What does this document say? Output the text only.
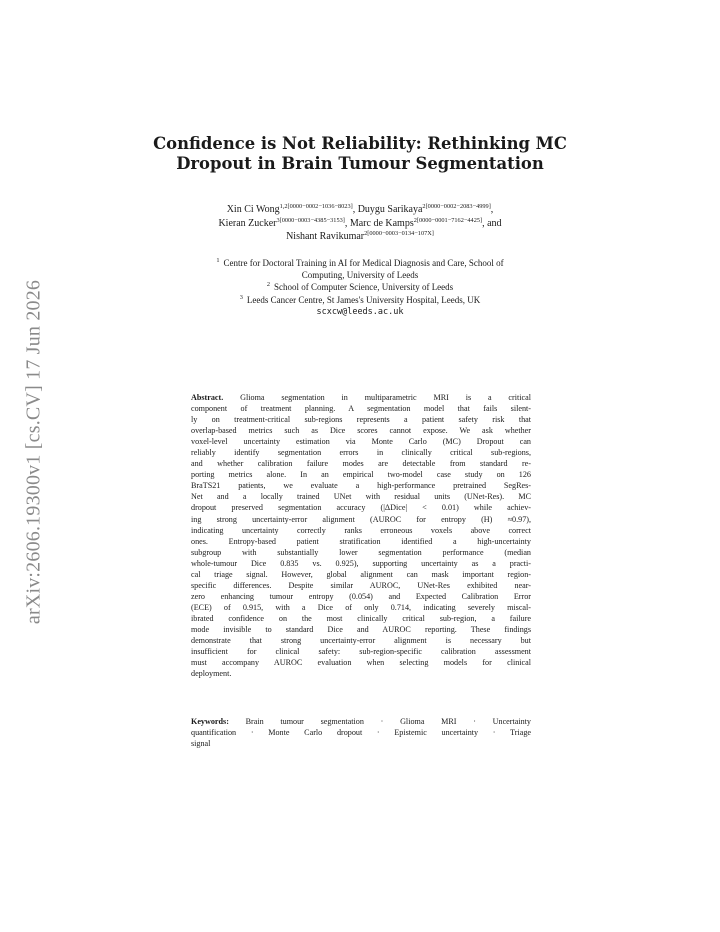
arXiv:2606.19300v1 [cs.CV] 17 Jun 2026
Confidence is Not Reliability: Rethinking MC
Dropout in Brain Tumour Segmentation
Xin Ci Wong$^{1,2[0000-0002-1036-8023]}$, Duygu Sarikaya$^{2[0000-0002-2083-4999]}$,
Kieran Zucker$^{3[0000-0003-4385-3153]}$, Marc de Kamps$^{2[0000-0001-7162-4425]}$, and
Nishant Ravikumar$^{2[0000-0003-0134-107X]}$
$^1$ Centre for Doctoral Training in AI for Medical Diagnosis and Care, School of
Computing, University of Leeds
$^2$ School of Computer Science, University of Leeds
$^3$ Leeds Cancer Centre, St James's University Hospital, Leeds, UK
scxcw@leeds.ac.uk
Abstract. Glioma segmentation in multiparametric MRI is a critical
component of treatment planning. A segmentation model that fails silent-
ly on treatment-critical sub-regions represents a patient safety risk that
overlap-based metrics such as Dice scores cannot expose. We ask whether
voxel-level uncertainty estimation via Monte Carlo (MC) Dropout can
reliably identify segmentation errors in clinically critical sub-regions,
and whether calibration failure modes are detectable from standard re-
porting metrics alone. In an empirical two-model case study on 126
BraTS21 patients, we evaluate a high-performance pretrained SegRes-
Net and a locally trained UNet with residual units (UNet-Res). MC
dropout preserved segmentation accuracy (|ΔDice| < 0.01) while achiev-
ing strong uncertainty-error alignment (AUROC for entropy (H) ≈0.97),
indicating uncertainty correctly ranks erroneous voxels above correct
ones. Entropy-based patient stratification identified a high-uncertainty
subgroup with substantially lower segmentation performance (median
whole-tumour Dice 0.835 vs. 0.925), supporting uncertainty as a practi-
cal triage signal. However, global alignment can mask important region-
specific differences. Despite similar AUROC, UNet-Res exhibited near-
zero enhancing tumour entropy (0.054) and Expected Calibration Error
(ECE) of 0.915, with a Dice of only 0.714, indicating severely miscal-
ibrated confidence on the most clinically critical sub-region, a failure
mode invisible to standard Dice and AUROC reporting. These findings
demonstrate that strong uncertainty-error alignment is necessary but
insufficient for clinical safety: sub-region-specific calibration assessment
must accompany AUROC evaluation when selecting models for clinical
deployment.
Keywords: Brain tumour segmentation · Glioma MRI · Uncertainty
quantification · Monte Carlo dropout · Epistemic uncertainty · Triage
signal
